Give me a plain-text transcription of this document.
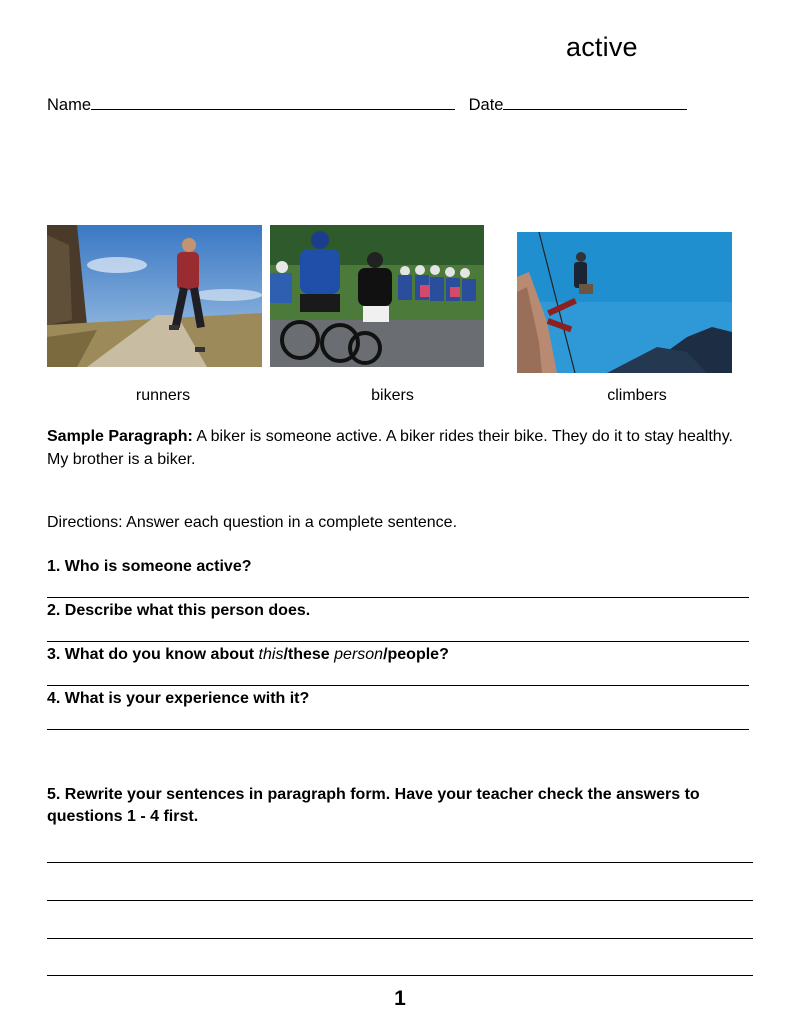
active
Name	Date
runners	bikers	climbers
Sample Paragraph: A biker is someone active. A biker rides their bike. They do it to stay healthy. My brother is a biker.
Directions: Answer each question in a complete sentence.
1. Who is someone active?
2. Describe what this person does.
3. What do you know about this/these person/people?
4. What is your experience with it?
5. Rewrite your sentences in paragraph form. Have your teacher check the answers to questions 1 - 4 first.
1
